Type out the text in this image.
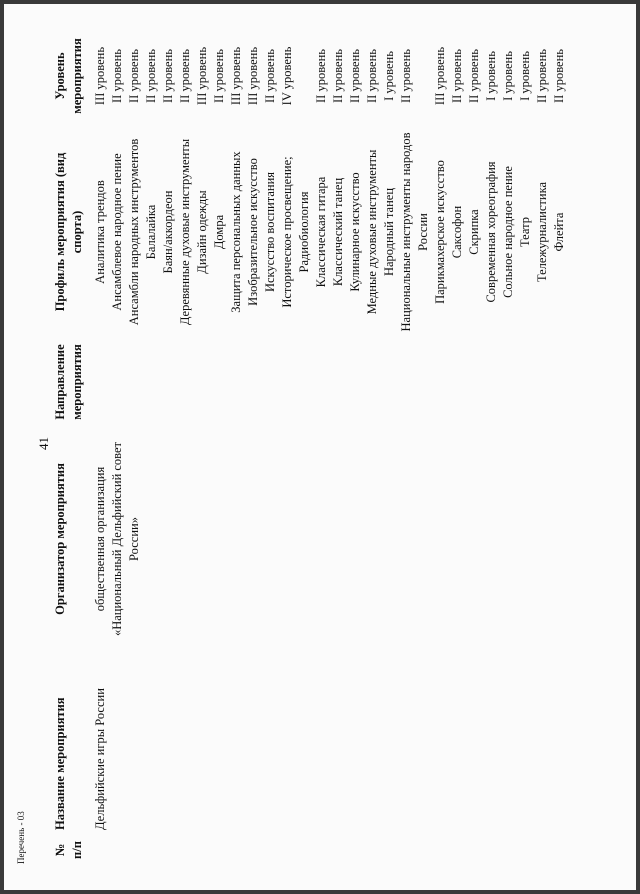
41
Перечень - 03 № п/п	Название мероприятия	Организатор мероприятия	Направление мероприятия	Профиль мероприятия (вид спорта)	Уровень мероприятия
	Дельфийские игры России	общественная организация «Национальный Дельфийский совет России»		Аналитика трендов	III уровень
				Ансамблевое народное пение	II уровень
				Ансамбли народных инструментов	II уровень
				Балалайка	II уровень
				Баян/аккордеон	II уровень
				Деревянные духовые инструменты	II уровень
				Дизайн одежды	III уровень
				Домра	II уровень
				Защита персональных данных	III уровень
				Изобразительное искусство	III уровень
				Искусство воспитания	II уровень
				Историческое просвещение; Радиобиология	IV уровень
				Классическая гитара	II уровень
				Классический танец	II уровень
				Кулинарное искусство	II уровень
				Медные духовые инструменты	II уровень
				Народный танец	I уровень
				Национальные инструменты народов России	II уровень
				Парикмахерское искусство	III уровень
				Саксофон	II уровень
				Скрипка	II уровень
				Современная хореография	I уровень
				Сольное народное пение	I уровень
				Театр	I уровень
				Тележурналистика	II уровень
				Флейта	II уровень
